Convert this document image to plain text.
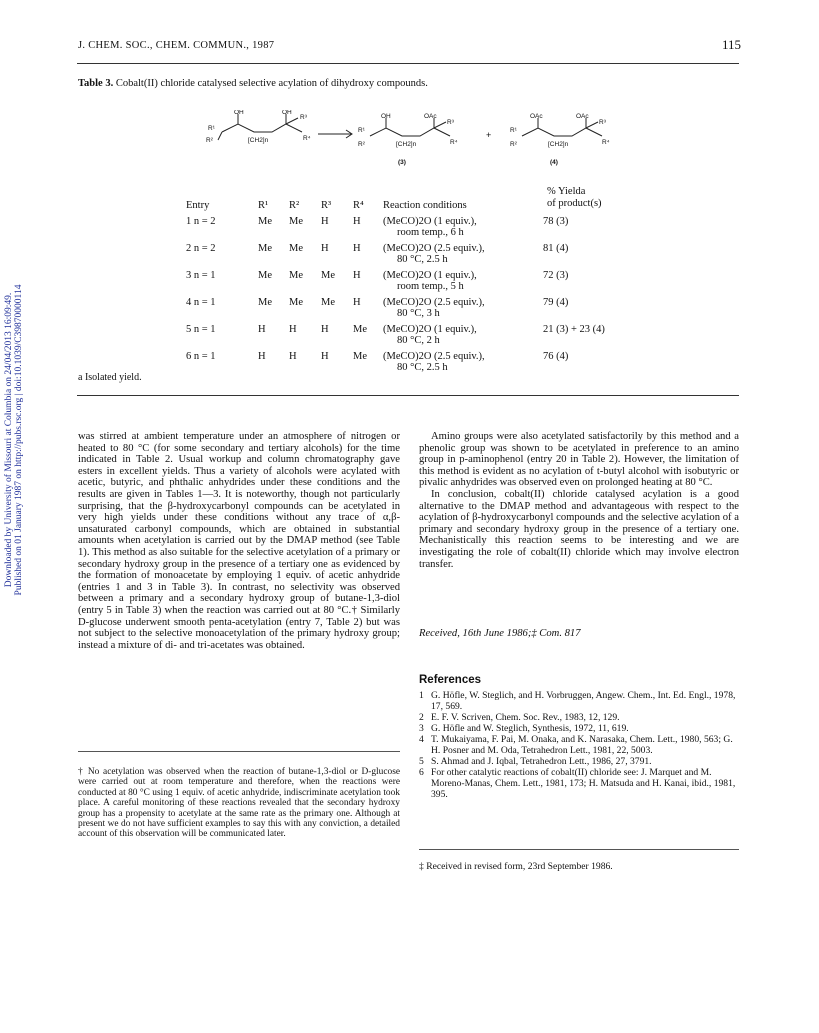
J. CHEM. SOC., CHEM. COMMUN., 1987	115
Downloaded by University of Missouri at Columbia on 24/04/2013 16:09:49. Published on 01 January 1987 on http://pubs.rsc.org | doi:10.1039/C39870000114
Table 3. Cobalt(II) chloride catalysed selective acylation of dihydroxy compounds.
OH	OH
R¹
R²
R³
R⁴
[CH2]n
OH	OAc
R¹
R²
R³
R⁴
[CH2]n
(3)
+
OAc	OAc
R¹
R²
R³
R⁴
[CH2]n
(4)
% Yielda
of product(s)
Entry	R¹	R²	R³	R⁴	Reaction conditions	
1 n = 2	Me	Me	H	H	(MeCO)2O (1 equiv.),
room temp., 6 h	78 (3)
2 n = 2	Me	Me	H	H	(MeCO)2O (2.5 equiv.),
80 °C, 2.5 h	81 (4)
3 n = 1	Me	Me	Me	H	(MeCO)2O (1 equiv.),
room temp., 5 h	72 (3)
4 n = 1	Me	Me	Me	H	(MeCO)2O (2.5 equiv.),
80 °C, 3 h	79 (4)
5 n = 1	H	H	H	Me	(MeCO)2O (1 equiv.),
80 °C, 2 h	21 (3) + 23 (4)
6 n = 1	H	H	H	Me	(MeCO)2O (2.5 equiv.),
80 °C, 2.5 h	76 (4)
a Isolated yield.

was stirred at ambient temperature under an atmosphere of nitrogen or heated to 80 °C (for some secondary and tertiary alcohols) for the time indicated in Table 2. Usual workup and column chromatography gave esters in excellent yields. Thus a variety of alcohols were acylated with acetic, butyric, and phthalic anhydrides under these conditions and the results are given in Tables 1—3. It is noteworthy, though not particularly surprising, that the β-hydroxycarbonyl compounds can be acetylated in very high yields under these conditions without any trace of α,β-unsaturated carbonyl compounds, which are obtained in substantial amounts when acetylation is carried out by the DMAP method (see Table 1). This method as also suitable for the selective acetylation of a primary or secondary hydroxy group in the presence of a tertiary one as evidenced by the formation of monoacetate by employing 1 equiv. of acetic anhydride (entries 1 and 3 in Table 3). In contrast, no selectivity was observed between a primary and a secondary hydroxy group of butane-1,3-diol (entry 5 in Table 3) when the reaction was carried out at 80 °C.† Similarly D-glucose underwent smooth penta-acetylation (entry 7, Table 2) but was not subject to the selective monoacetylation of the primary hydroxy group; instead a mixture of di- and tri-acetates was obtained.

† No acetylation was observed when the reaction of butane-1,3-diol or D-glucose were carried out at room temperature and therefore, when the reactions were conducted at 80 °C using 1 equiv. of acetic anhydride, indiscriminate acetylation took place. A careful monitoring of these reactions revealed that the secondary hydroxy group has a propensity to acetylate at the same rate as the primary one. Although at present we do not have sufficient examples to say this with any conviction, a detailed account of this observation will be communicated later.

Amino groups were also acetylated satisfactorily by this method and a phenolic group was shown to be acetylated in preference to an amino group in p-aminophenol (entry 20 in Table 2). However, the limitation of this method is evident as no acylation of t-butyl alcohol with isobutyric or pivalic anhydrides was observed even on prolonged heating at 80 °C.

In conclusion, cobalt(II) chloride catalysed acylation is a good alternative to the DMAP method and advantageous with respect to the acylation of β-hydroxycarbonyl compounds and the selective acylation of a primary and secondary hydroxy group in the presence of a tertiary one. Mechanistically this reaction seems to be interesting and we are investigating the role of cobalt(II) chloride which may involve electron transfer.

Received, 16th June 1986;‡ Com. 817
References
1 G. Höfle, W. Steglich, and H. Vorbruggen, Angew. Chem., Int. Ed. Engl., 1978, 17, 569.
2 E. F. V. Scriven, Chem. Soc. Rev., 1983, 12, 129.
3 G. Höfle and W. Steglich, Synthesis, 1972, 11, 619.
4 T. Mukaiyama, F. Pai, M. Onaka, and K. Narasaka, Chem. Lett., 1980, 563; G. H. Posner and M. Oda, Tetrahedron Lett., 1981, 22, 5003.
5 S. Ahmad and J. Iqbal, Tetrahedron Lett., 1986, 27, 3791.
6 For other catalytic reactions of cobalt(II) chloride see: J. Marquet and M. Moreno-Manas, Chem. Lett., 1981, 173; H. Matsuda and H. Kanai, ibid., 1981, 395.
‡ Received in revised form, 23rd September 1986.
